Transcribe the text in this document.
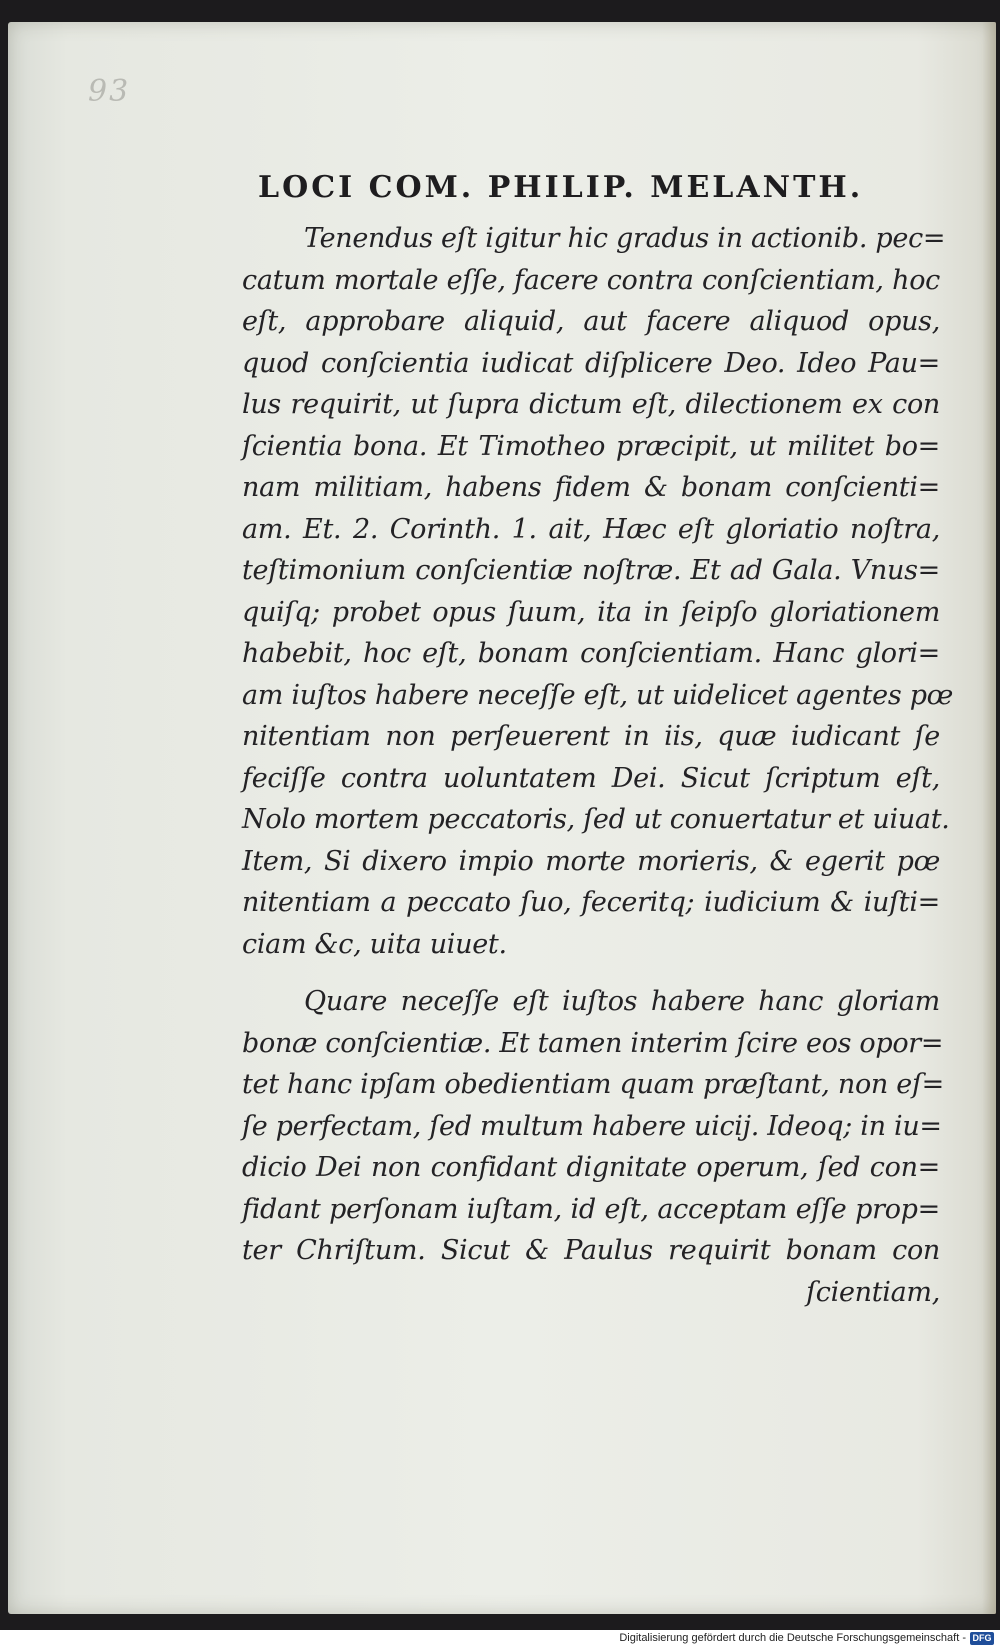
93
LOCI COM. PHILIP. MELANTH.
Tenendus eſt igitur hic gradus in actionib. pec=
catum mortale eſſe, facere contra conſcientiam, hoc
eſt, approbare aliquid, aut facere aliquod opus,
quod conſcientia iudicat diſplicere Deo. Ideo Pau=
lus requirit, ut ſupra dictum eſt, dilectionem ex con
ſcientia bona. Et Timotheo præcipit, ut militet bo=
nam militiam, habens fidem & bonam conſcienti=
am. Et. 2. Corinth. 1. ait, Hæc eſt gloriatio noſtra,
teſtimonium conſcientiæ noſtræ. Et ad Gala. Vnus=
quiſq; probet opus ſuum, ita in ſeipſo gloriationem
habebit, hoc eſt, bonam conſcientiam. Hanc glori=
am iuſtos habere neceſſe eſt, ut uidelicet agentes pœ
nitentiam non perſeuerent in iis, quæ iudicant ſe
feciſſe contra uoluntatem Dei. Sicut ſcriptum eſt,
Nolo mortem peccatoris, ſed ut conuertatur et uiuat.
Item, Si dixero impio morte morieris, & egerit pœ
nitentiam a peccato ſuo, feceritq; iudicium & iuſti=
ciam &c, uita uiuet.
Quare neceſſe eſt iuſtos habere hanc gloriam
bonæ conſcientiæ. Et tamen interim ſcire eos opor=
tet hanc ipſam obedientiam quam præſtant, non eſ=
ſe perfectam, ſed multum habere uicij. Ideoq; in iu=
dicio Dei non confidant dignitate operum, ſed con=
fidant perſonam iuſtam, id eſt, acceptam eſſe prop=
ter Chriſtum. Sicut & Paulus requirit bonam con
ſcientiam,
Digitalisierung gefördert durch die Deutsche Forschungsgemeinschaft - DFG
